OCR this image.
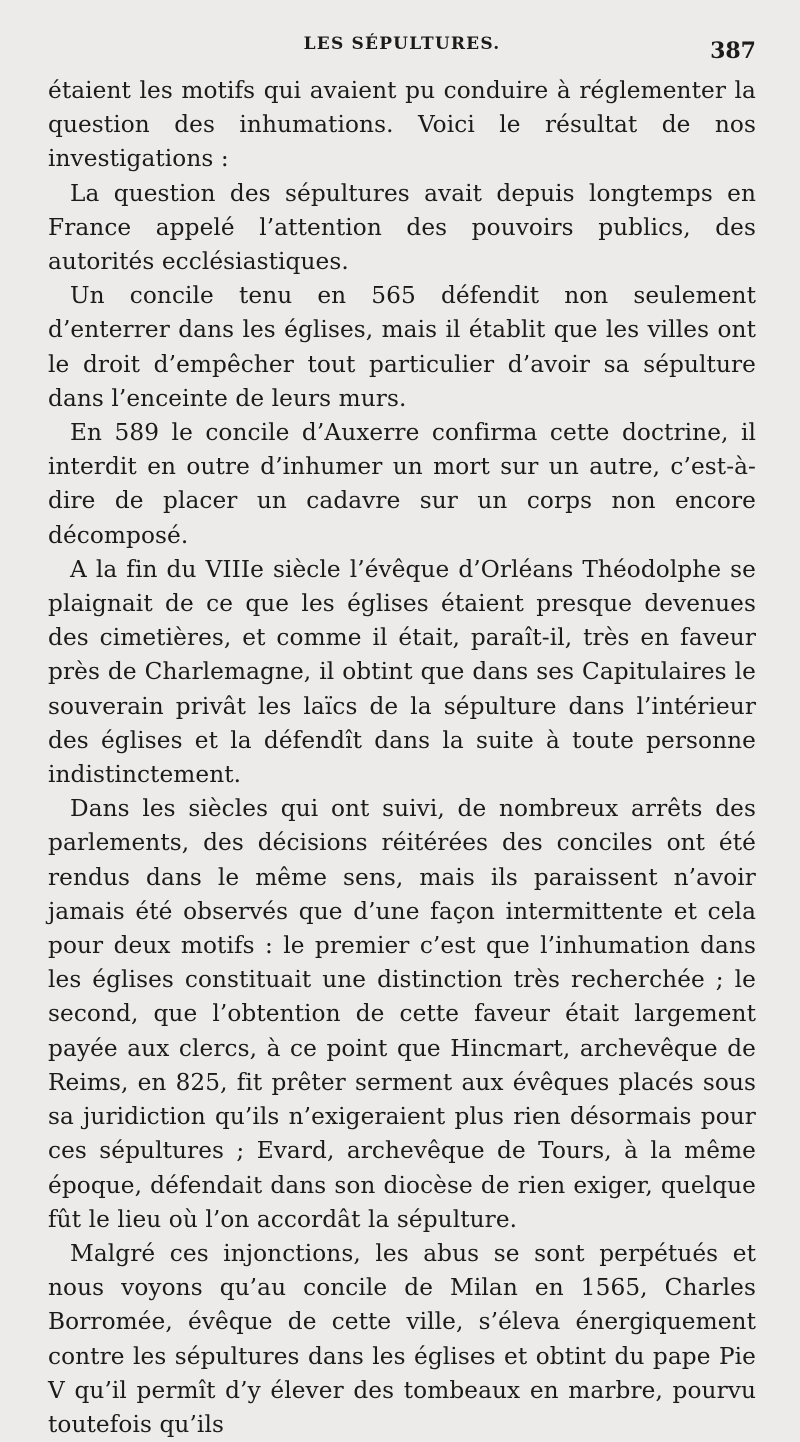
LES SÉPULTURES.	387

étaient les motifs qui avaient pu conduire à réglementer la question des inhumations. Voici le résultat de nos investigations :

La question des sépultures avait depuis longtemps en France appelé l’attention des pouvoirs publics, des autorités ecclésiastiques.

Un concile tenu en 565 défendit non seulement d’enterrer dans les églises, mais il établit que les villes ont le droit d’empêcher tout particulier d’avoir sa sépulture dans l’enceinte de leurs murs.

En 589 le concile d’Auxerre confirma cette doctrine, il interdit en outre d’inhumer un mort sur un autre, c’est-à-dire de placer un cadavre sur un corps non encore décomposé.

A la fin du VIIIe siècle l’évêque d’Orléans Théodolphe se plaignait de ce que les églises étaient presque devenues des cimetières, et comme il était, paraît-il, très en faveur près de Charlemagne, il obtint que dans ses Capitulaires le souverain privât les laïcs de la sépulture dans l’intérieur des églises et la défendît dans la suite à toute personne indistinctement.

Dans les siècles qui ont suivi, de nombreux arrêts des parlements, des décisions réitérées des conciles ont été rendus dans le même sens, mais ils paraissent n’avoir jamais été observés que d’une façon intermittente et cela pour deux motifs : le premier c’est que l’inhumation dans les églises constituait une distinction très recherchée ; le second, que l’obtention de cette faveur était largement payée aux clercs, à ce point que Hincmart, archevêque de Reims, en 825, fit prêter serment aux évêques placés sous sa juridiction qu’ils n’exigeraient plus rien désormais pour ces sépultures ; Evard, archevêque de Tours, à la même époque, défendait dans son diocèse de rien exiger, quelque fût le lieu où l’on accordât la sépulture.

Malgré ces injonctions, les abus se sont perpétués et nous voyons qu’au concile de Milan en 1565, Charles Borromée, évêque de cette ville, s’éleva énergiquement contre les sépultures dans les églises et obtint du pape Pie V qu’il permît d’y élever des tombeaux en marbre, pourvu toutefois qu’ils
